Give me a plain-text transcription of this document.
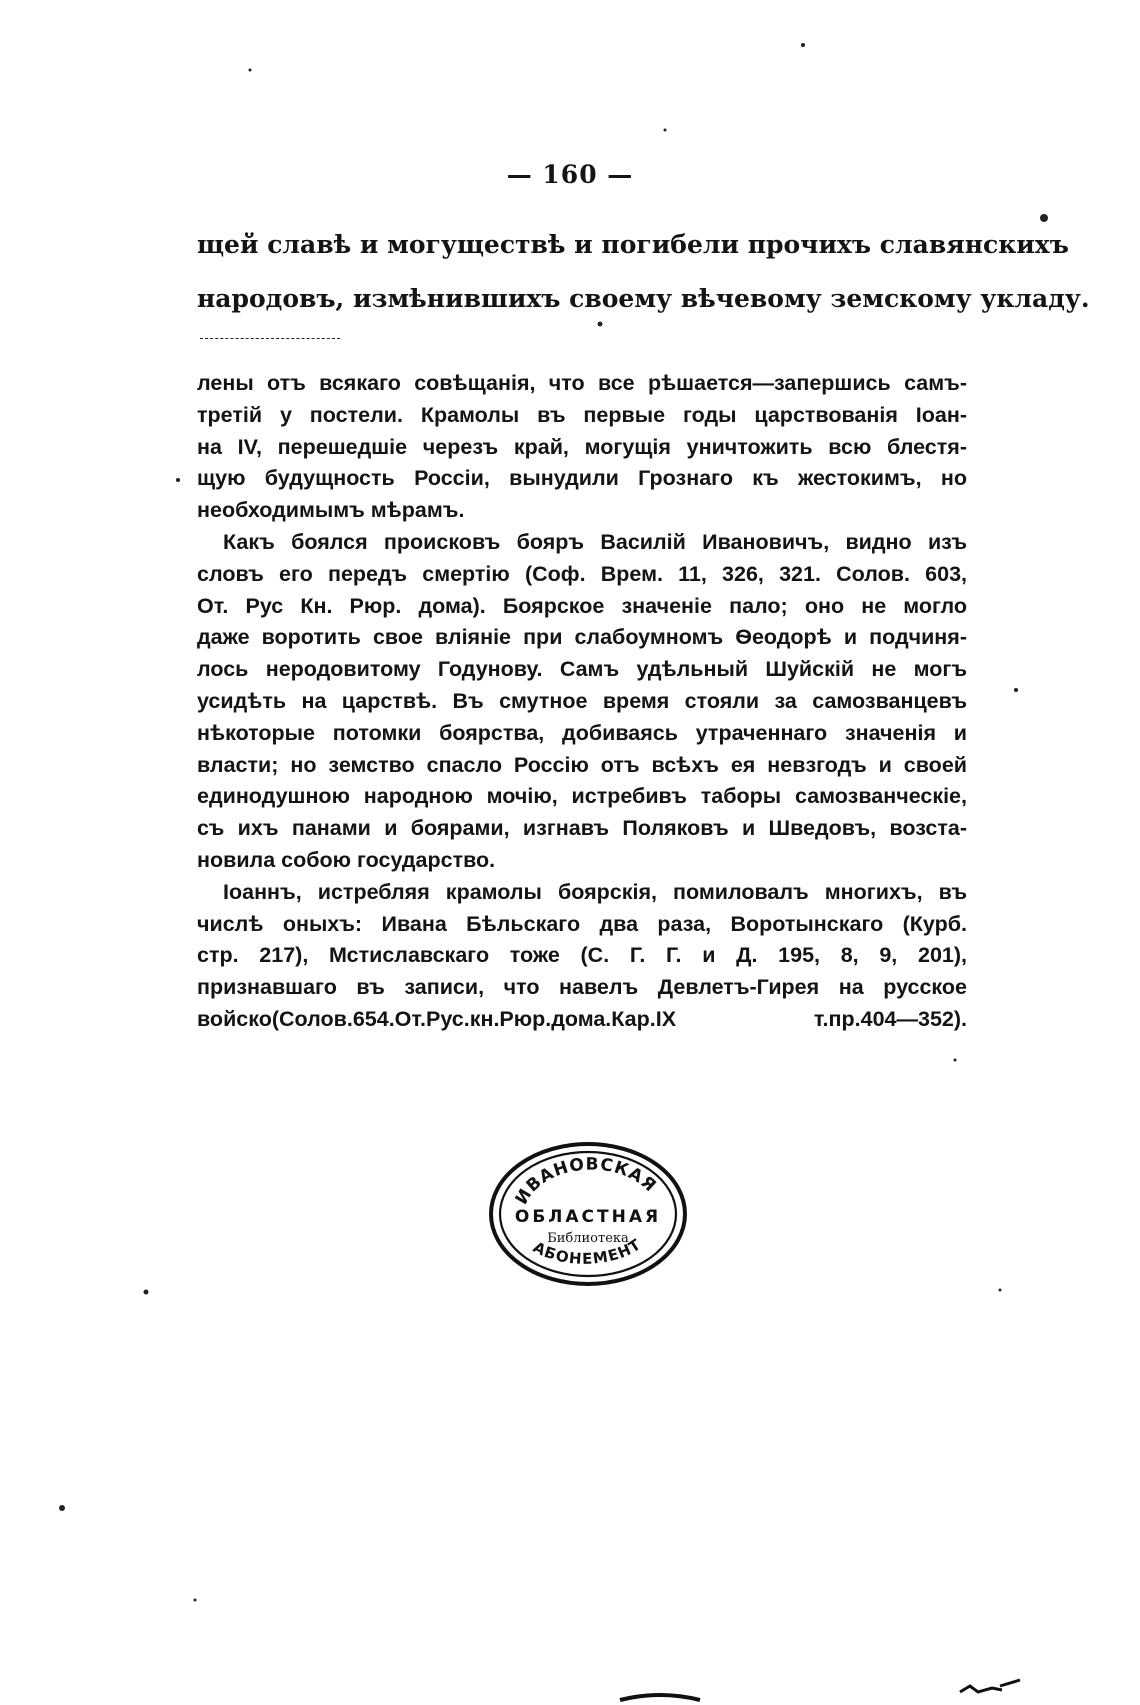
— 160 —
щей славѣ и могуществѣ и погибели прочихъ славянскихъ
народовъ, измѣнившихъ своему вѣчевому земскому укладу.
лены отъ всякаго совѣщанія, что все рѣшается—запершись самъ-
третій у постели. Крамолы въ первые годы царствованія Іоан-
на IV, перешедшіе черезъ край, могущія уничтожить всю блестя-
щую будущность Россіи, вынудили Грознаго къ жестокимъ, но
необходимымъ мѣрамъ.
Какъ боялся происковъ бояръ Василій Ивановичъ, видно изъ
словъ его передъ смертію (Соф. Врем. 11, 326, 321. Солов. 603,
От. Рус Кн. Рюр. дома). Боярское значеніе пало; оно не могло
даже воротить свое вліяніе при слабоумномъ Ѳеодорѣ и подчиня-
лось неродовитому Годунову. Самъ удѣльный Шуйскій не могъ
усидѣть на царствѣ. Въ смутное время стояли за самозванцевъ
нѣкоторые потомки боярства, добиваясь утраченнаго значенія и
власти; но земство спасло Россію отъ всѣхъ ея невзгодъ и своей
единодушною народною мочію, истребивъ таборы самозванческіе,
съ ихъ панами и боярами, изгнавъ Поляковъ и Шведовъ, возста-
новила собою государство.
Іоаннъ, истребляя крамолы боярскія, помиловалъ многихъ, въ
числѣ оныхъ: Ивана Бѣльскаго два раза, Воротынскаго (Курб.
стр. 217), Мстиславскаго тоже (С. Г. Г. и Д. 195, 8, 9, 201),
признавшаго въ записи, что навелъ Девлетъ-Гирея на русское
войско(Солов.654.От.Рус.кн.Рюр.дома.Кар.IX т.пр.404—352).
ИВАНОВСКАЯ
ОБЛАСТНАЯ
Библиотека
АБОНЕМЕНТ
